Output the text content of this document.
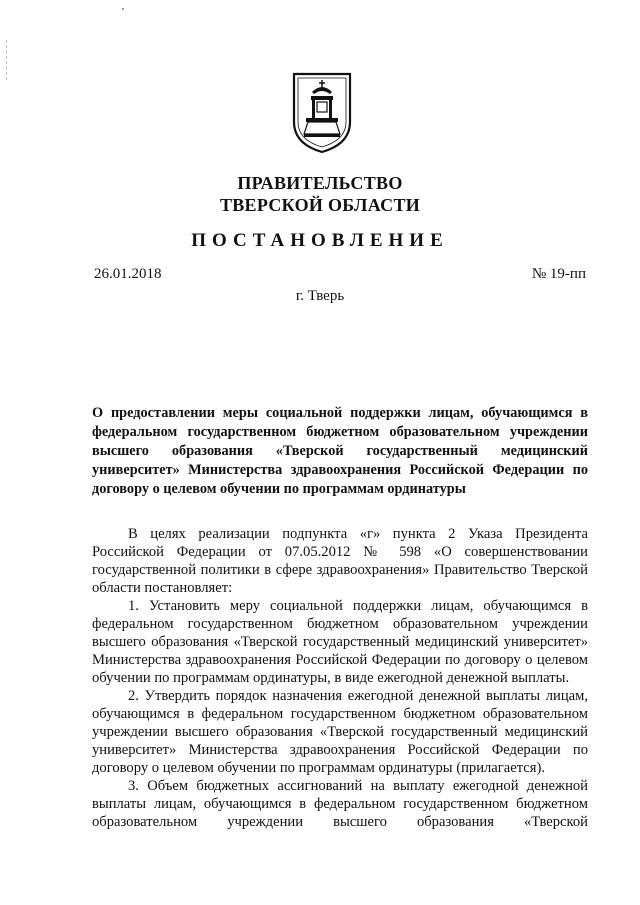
ПРАВИТЕЛЬСТВО
ТВЕРСКОЙ ОБЛАСТИ
ПОСТАНОВЛЕНИЕ
26.01.2018	№ 19-пп
г. Тверь
О предоставлении меры социальной поддержки лицам, обучающимся в федеральном государственном бюджетном образовательном учреждении высшего образования «Тверской государственный медицинский университет» Министерства здравоохранения Российской Федерации по договору о целевом обучении по программам ординатуры

В целях реализации подпункта «г» пункта 2 Указа Президента Российской Федерации от 07.05.2012 № 598 «О совершенствовании государственной политики в сфере здравоохранения» Правительство Тверской области постановляет:

1. Установить меру социальной поддержки лицам, обучающимся в федеральном государственном бюджетном образовательном учреждении высшего образования «Тверской государственный медицинский университет» Министерства здравоохранения Российской Федерации по договору о целевом обучении по программам ординатуры, в виде ежегодной денежной выплаты.

2. Утвердить порядок назначения ежегодной денежной выплаты лицам, обучающимся в федеральном государственном бюджетном образовательном учреждении высшего образования «Тверской государственный медицинский университет» Министерства здравоохранения Российской Федерации по договору о целевом обучении по программам ординатуры (прилагается).

3. Объем бюджетных ассигнований на выплату ежегодной денежной выплаты лицам, обучающимся в федеральном государственном бюджетном образовательном учреждении высшего образования «Тверской
